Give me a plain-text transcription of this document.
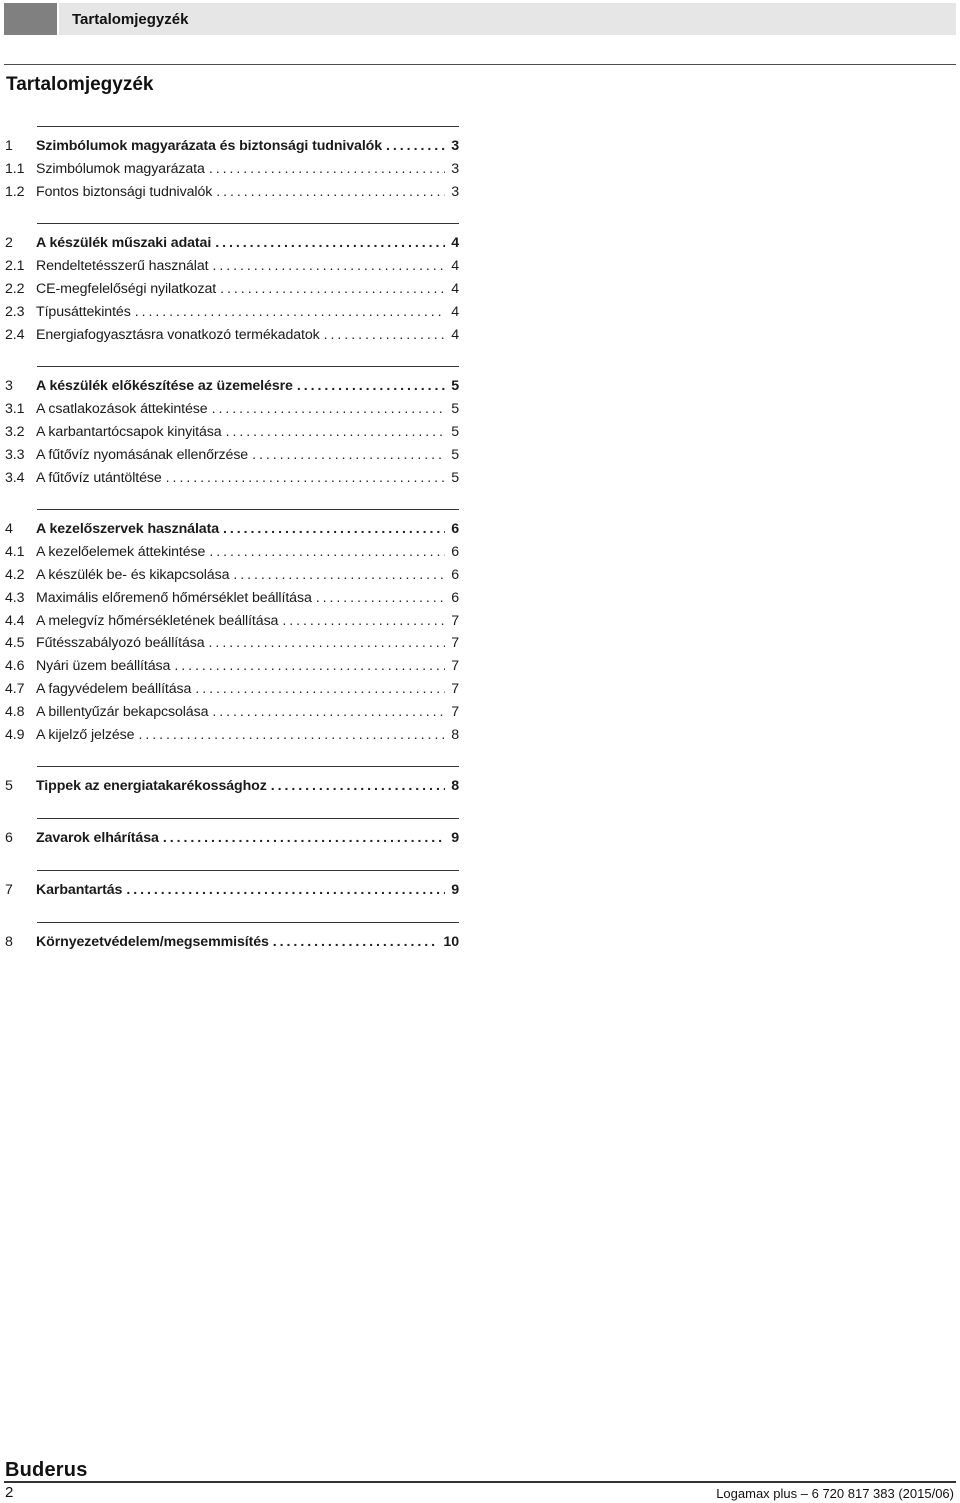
Tartalomjegyzék
Tartalomjegyzék
1	Szimbólumok magyarázata és biztonsági tudnivalók . . .	3
1.1 Szimbólumok magyarázata . . .	3
1.2 Fontos biztonsági tudnivalók . . .	3
2	A készülék műszaki adatai . . .	4
2.1 Rendeltetésszerű használat . . .	4
2.2 CE-megfelelőségi nyilatkozat . . .	4
2.3 Típusáttekintés . . .	4
2.4 Energiafogyasztásra vonatkozó termékadatok . . .	4
3	A készülék előkészítése az üzemelésre . . .	5
3.1 A csatlakozások áttekintése . . .	5
3.2 A karbantartócsapok kinyitása . . .	5
3.3 A fűtővíz nyomásának ellenőrzése . . .	5
3.4 A fűtővíz utántöltése . . .	5
4	A kezelőszervek használata . . .	6
4.1 A kezelőelemek áttekintése . . .	6
4.2 A készülék be- és kikapcsolása . . .	6
4.3 Maximális előremenő hőmérséklet beállítása . . .	6
4.4 A melegvíz hőmérsékletének beállítása . . .	7
4.5 Fűtésszabályozó beállítása . . .	7
4.6 Nyári üzem beállítása . . .	7
4.7 A fagyvédelem beállítása . . .	7
4.8 A billentyűzár bekapcsolása . . .	7
4.9 A kijelző jelzése . . .	8
5	Tippek az energiatakarékossághoz . . .	8
6	Zavarok elhárítása . . .	9
7	Karbantartás . . .	9
8	Környezetvédelem/megsemmisítés . . .	10
Buderus
2	Logamax plus – 6 720 817 383 (2015/06)
